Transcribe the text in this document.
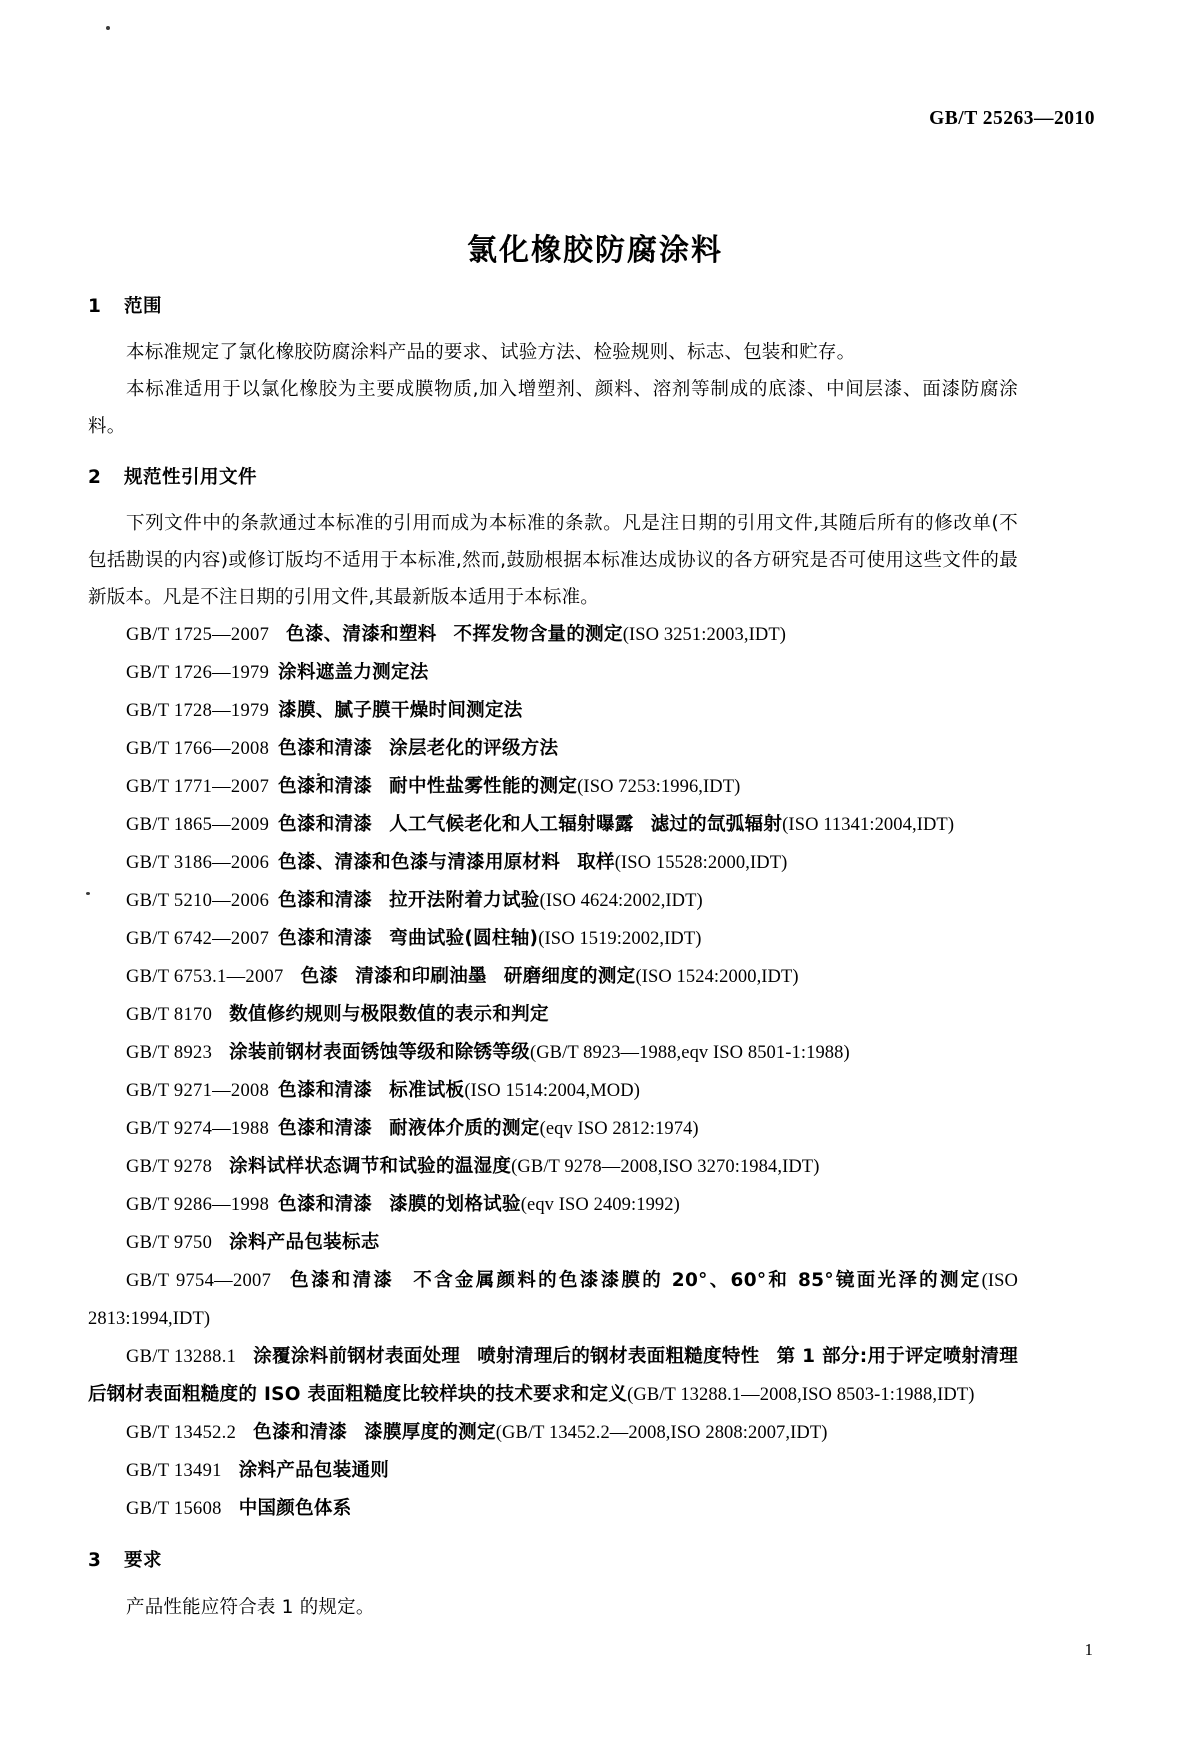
GB/T 25263—2010
氯化橡胶防腐涂料
1 范围

本标准规定了氯化橡胶防腐涂料产品的要求、试验方法、检验规则、标志、包装和贮存。

本标准适用于以氯化橡胶为主要成膜物质,加入增塑剂、颜料、溶剂等制成的底漆、中间层漆、面漆防腐涂料。

2 规范性引用文件

下列文件中的条款通过本标准的引用而成为本标准的条款。凡是注日期的引用文件,其随后所有的修改单(不包括勘误的内容)或修订版均不适用于本标准,然而,鼓励根据本标准达成协议的各方研究是否可使用这些文件的最新版本。凡是不注日期的引用文件,其最新版本适用于本标准。

GB/T 1725—2007 色漆、清漆和塑料 不挥发物含量的测定(ISO 3251:2003,IDT)
GB/T 1726—1979 涂料遮盖力测定法
GB/T 1728—1979 漆膜、腻子膜干燥时间测定法
GB/T 1766—2008 色漆和清漆 涂层老化的评级方法
GB/T 1771—2007 色漆和清漆 耐中性盐雾性能的测定(ISO 7253:1996,IDT)
GB/T 1865—2009 色漆和清漆 人工气候老化和人工辐射曝露 滤过的氙弧辐射(ISO 11341:2004,IDT)
GB/T 3186—2006 色漆、清漆和色漆与清漆用原材料 取样(ISO 15528:2000,IDT)
GB/T 5210—2006 色漆和清漆 拉开法附着力试验(ISO 4624:2002,IDT)
GB/T 6742—2007 色漆和清漆 弯曲试验(圆柱轴)(ISO 1519:2002,IDT)
GB/T 6753.1—2007 色漆 清漆和印刷油墨 研磨细度的测定(ISO 1524:2000,IDT)
GB/T 8170 数值修约规则与极限数值的表示和判定
GB/T 8923 涂装前钢材表面锈蚀等级和除锈等级(GB/T 8923—1988,eqv ISO 8501-1:1988)
GB/T 9271—2008 色漆和清漆 标准试板(ISO 1514:2004,MOD)
GB/T 9274—1988 色漆和清漆 耐液体介质的测定(eqv ISO 2812:1974)
GB/T 9278 涂料试样状态调节和试验的温湿度(GB/T 9278—2008,ISO 3270:1984,IDT)
GB/T 9286—1998 色漆和清漆 漆膜的划格试验(eqv ISO 2409:1992)
GB/T 9750 涂料产品包装标志
GB/T 9754—2007 色漆和清漆 不含金属颜料的色漆漆膜的 20°、60°和 85°镜面光泽的测定(ISO 2813:1994,IDT)
GB/T 13288.1 涂覆涂料前钢材表面处理 喷射清理后的钢材表面粗糙度特性 第 1 部分:用于评定喷射清理后钢材表面粗糙度的 ISO 表面粗糙度比较样块的技术要求和定义(GB/T 13288.1—2008,ISO 8503-1:1988,IDT)
GB/T 13452.2 色漆和清漆 漆膜厚度的测定(GB/T 13452.2—2008,ISO 2808:2007,IDT)
GB/T 13491 涂料产品包装通则
GB/T 15608 中国颜色体系
3 要求

产品性能应符合表 1 的规定。

1
